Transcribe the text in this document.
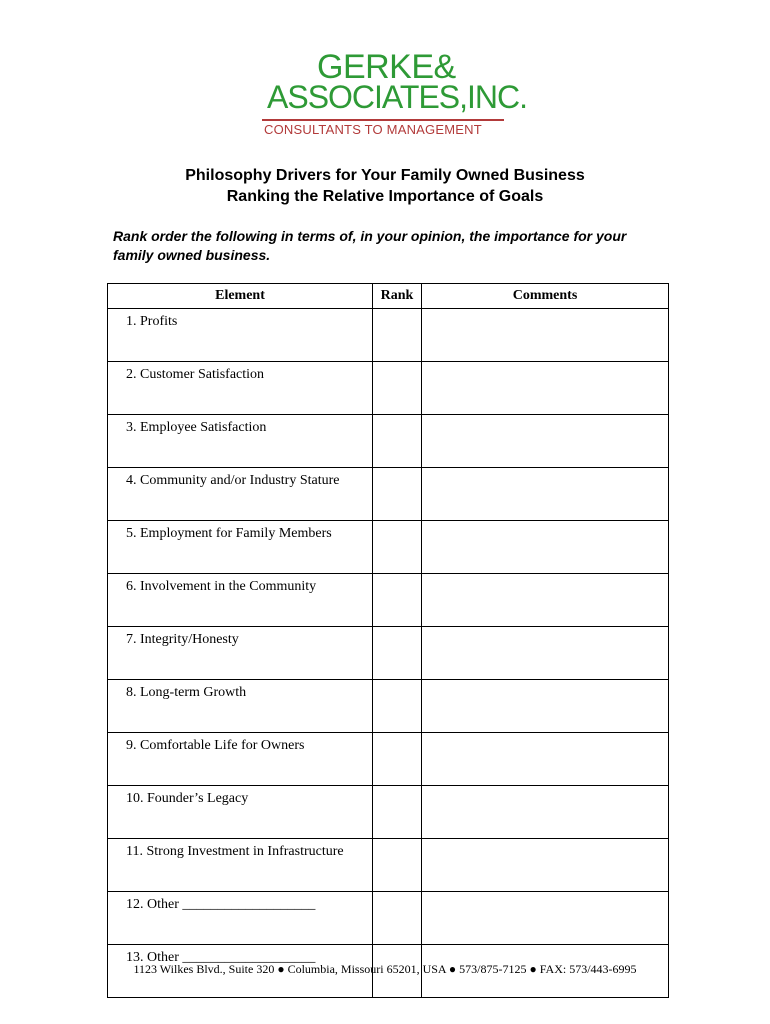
GERKE&
ASSOCIATES,INC.
CONSULTANTS TO MANAGEMENT
Philosophy Drivers for Your Family Owned Business
Ranking the Relative Importance of Goals
Rank order the following in terms of, in your opinion, the importance for your family owned business.
Element	Rank	Comments
1. Profits		
2. Customer Satisfaction		
3. Employee Satisfaction		
4. Community and/or Industry Stature		
5. Employment for Family Members		
6. Involvement in the Community		
7. Integrity/Honesty		
8. Long-term Growth		
9. Comfortable Life for Owners		
10. Founder’s Legacy		
11. Strong Investment in Infrastructure		
12. Other ___________________		
13. Other ___________________		
1123 Wilkes Blvd., Suite 320 ● Columbia, Missouri 65201, USA ● 573/875-7125 ● FAX: 573/443-6995
